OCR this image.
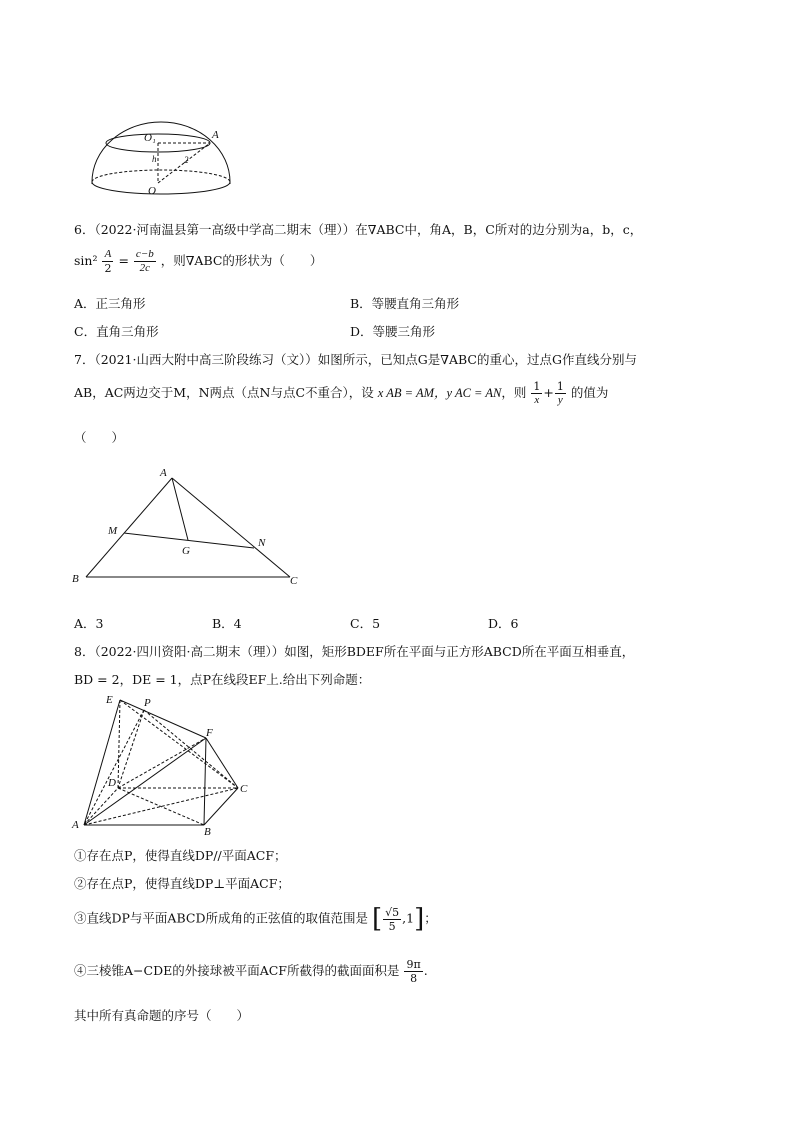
O₁	A
h	2
O
6．（2022·河南温县第一高级中学高二期末（理））在∇ABC中，角A，B，C所对的边分别为a，b，c，
$\sin^2 \frac{A}{2} = \frac{c-b}{2c}$ ，则∇ABC的形状为（　　）
A．正三角形	B．等腰直角三角形
C．直角三角形	D．等腰三角形
7．（2021·山西大附中高三阶段练习（文））如图所示，已知点G是∇ABC的重心，过点G作直线分别与
AB，AC两边交于M，N两点（点N与点C不重合），设 x AB = AM，y AC = AN，则 $\frac{1}{x} + \frac{1}{y}$ 的值为
（　　）
A
M
G
N
B	C
A．3	B．4	C．5	D．6
8．（2022·四川资阳·高二期末（理））如图，矩形BDEF所在平面与正方形ABCD所在平面互相垂直，
BD = 2，DE = 1，点P在线段EF上.给出下列命题：
E	P
F
D	C
A
B
①存在点P，使得直线DP//平面ACF；
②存在点P，使得直线DP⊥平面ACF；
③直线DP与平面ABCD所成角的正弦值的取值范围是 [ $\frac{√5}{5} ,1$]；
④三棱锥A−CDE的外接球被平面ACF所截得的截面面积是 $\frac{9\pi}{8}$ .
其中所有真命题的序号（　　）
